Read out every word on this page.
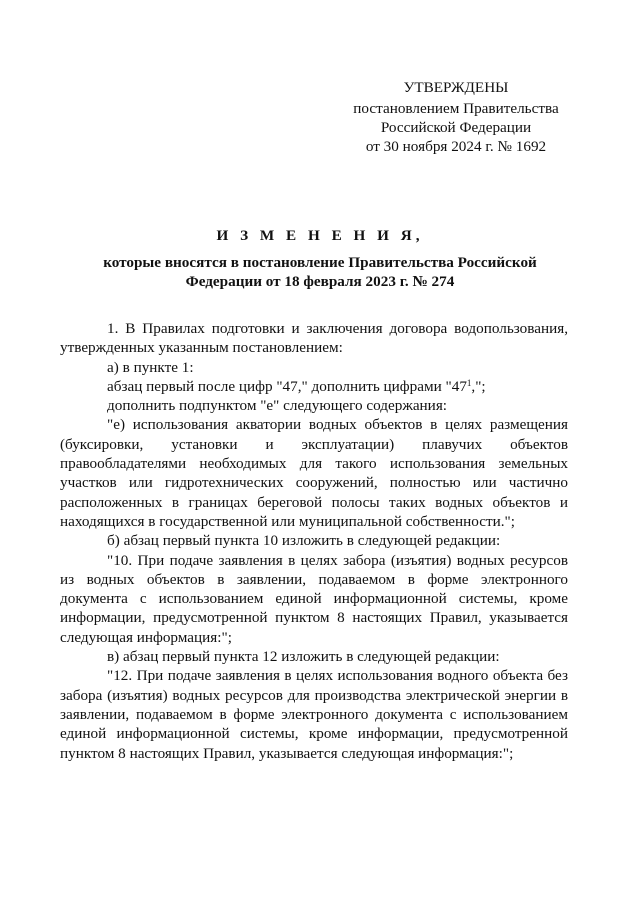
УТВЕРЖДЕНЫ
постановлением Правительства
Российской Федерации
от 30 ноября 2024 г. № 1692
И З М Е Н Е Н И Я,
которые вносятся в постановление Правительства Российской
Федерации от 18 февраля 2023 г. № 274

1. В Правилах подготовки и заключения договора водопользования, утвержденных указанным постановлением:

а) в пункте 1:

абзац первый после цифр "47," дополнить цифрами "$47^1$,";

дополнить подпунктом "е" следующего содержания:

"е) использования акватории водных объектов в целях размещения (буксировки, установки и эксплуатации) плавучих объектов правообладателями необходимых для такого использования земельных участков или гидротехнических сооружений, полностью или частично расположенных в границах береговой полосы таких водных объектов и находящихся в государственной или муниципальной собственности.";

б) абзац первый пункта 10 изложить в следующей редакции:

"10. При подаче заявления в целях забора (изъятия) водных ресурсов из водных объектов в заявлении, подаваемом в форме электронного документа с использованием единой информационной системы, кроме информации, предусмотренной пунктом 8 настоящих Правил, указывается следующая информация:";

в) абзац первый пункта 12 изложить в следующей редакции:

"12. При подаче заявления в целях использования водного объекта без забора (изъятия) водных ресурсов для производства электрической энергии в заявлении, подаваемом в форме электронного документа с использованием единой информационной системы, кроме информации, предусмотренной пунктом 8 настоящих Правил, указывается следующая информация:";
